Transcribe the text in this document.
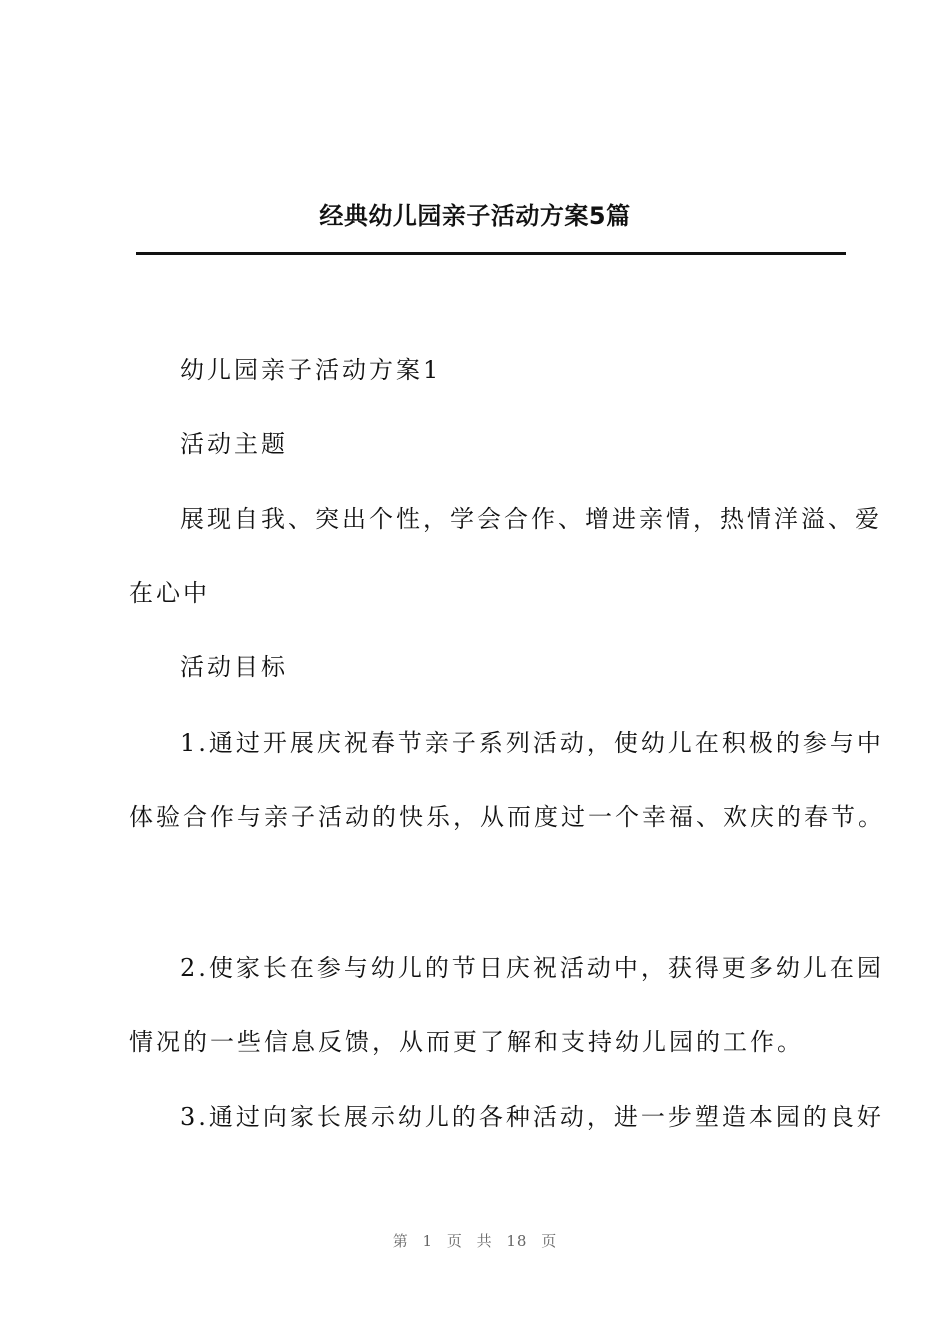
经典幼儿园亲子活动方案5篇
幼儿园亲子活动方案1
活动主题
展现自我、突出个性，学会合作、增进亲情，热情洋溢、爱
在心中
活动目标
1.通过开展庆祝春节亲子系列活动，使幼儿在积极的参与中
体验合作与亲子活动的快乐，从而度过一个幸福、欢庆的春节。
2.使家长在参与幼儿的节日庆祝活动中，获得更多幼儿在园
情况的一些信息反馈，从而更了解和支持幼儿园的工作。
3.通过向家长展示幼儿的各种活动，进一步塑造本园的良好
第 1 页 共 18 页
